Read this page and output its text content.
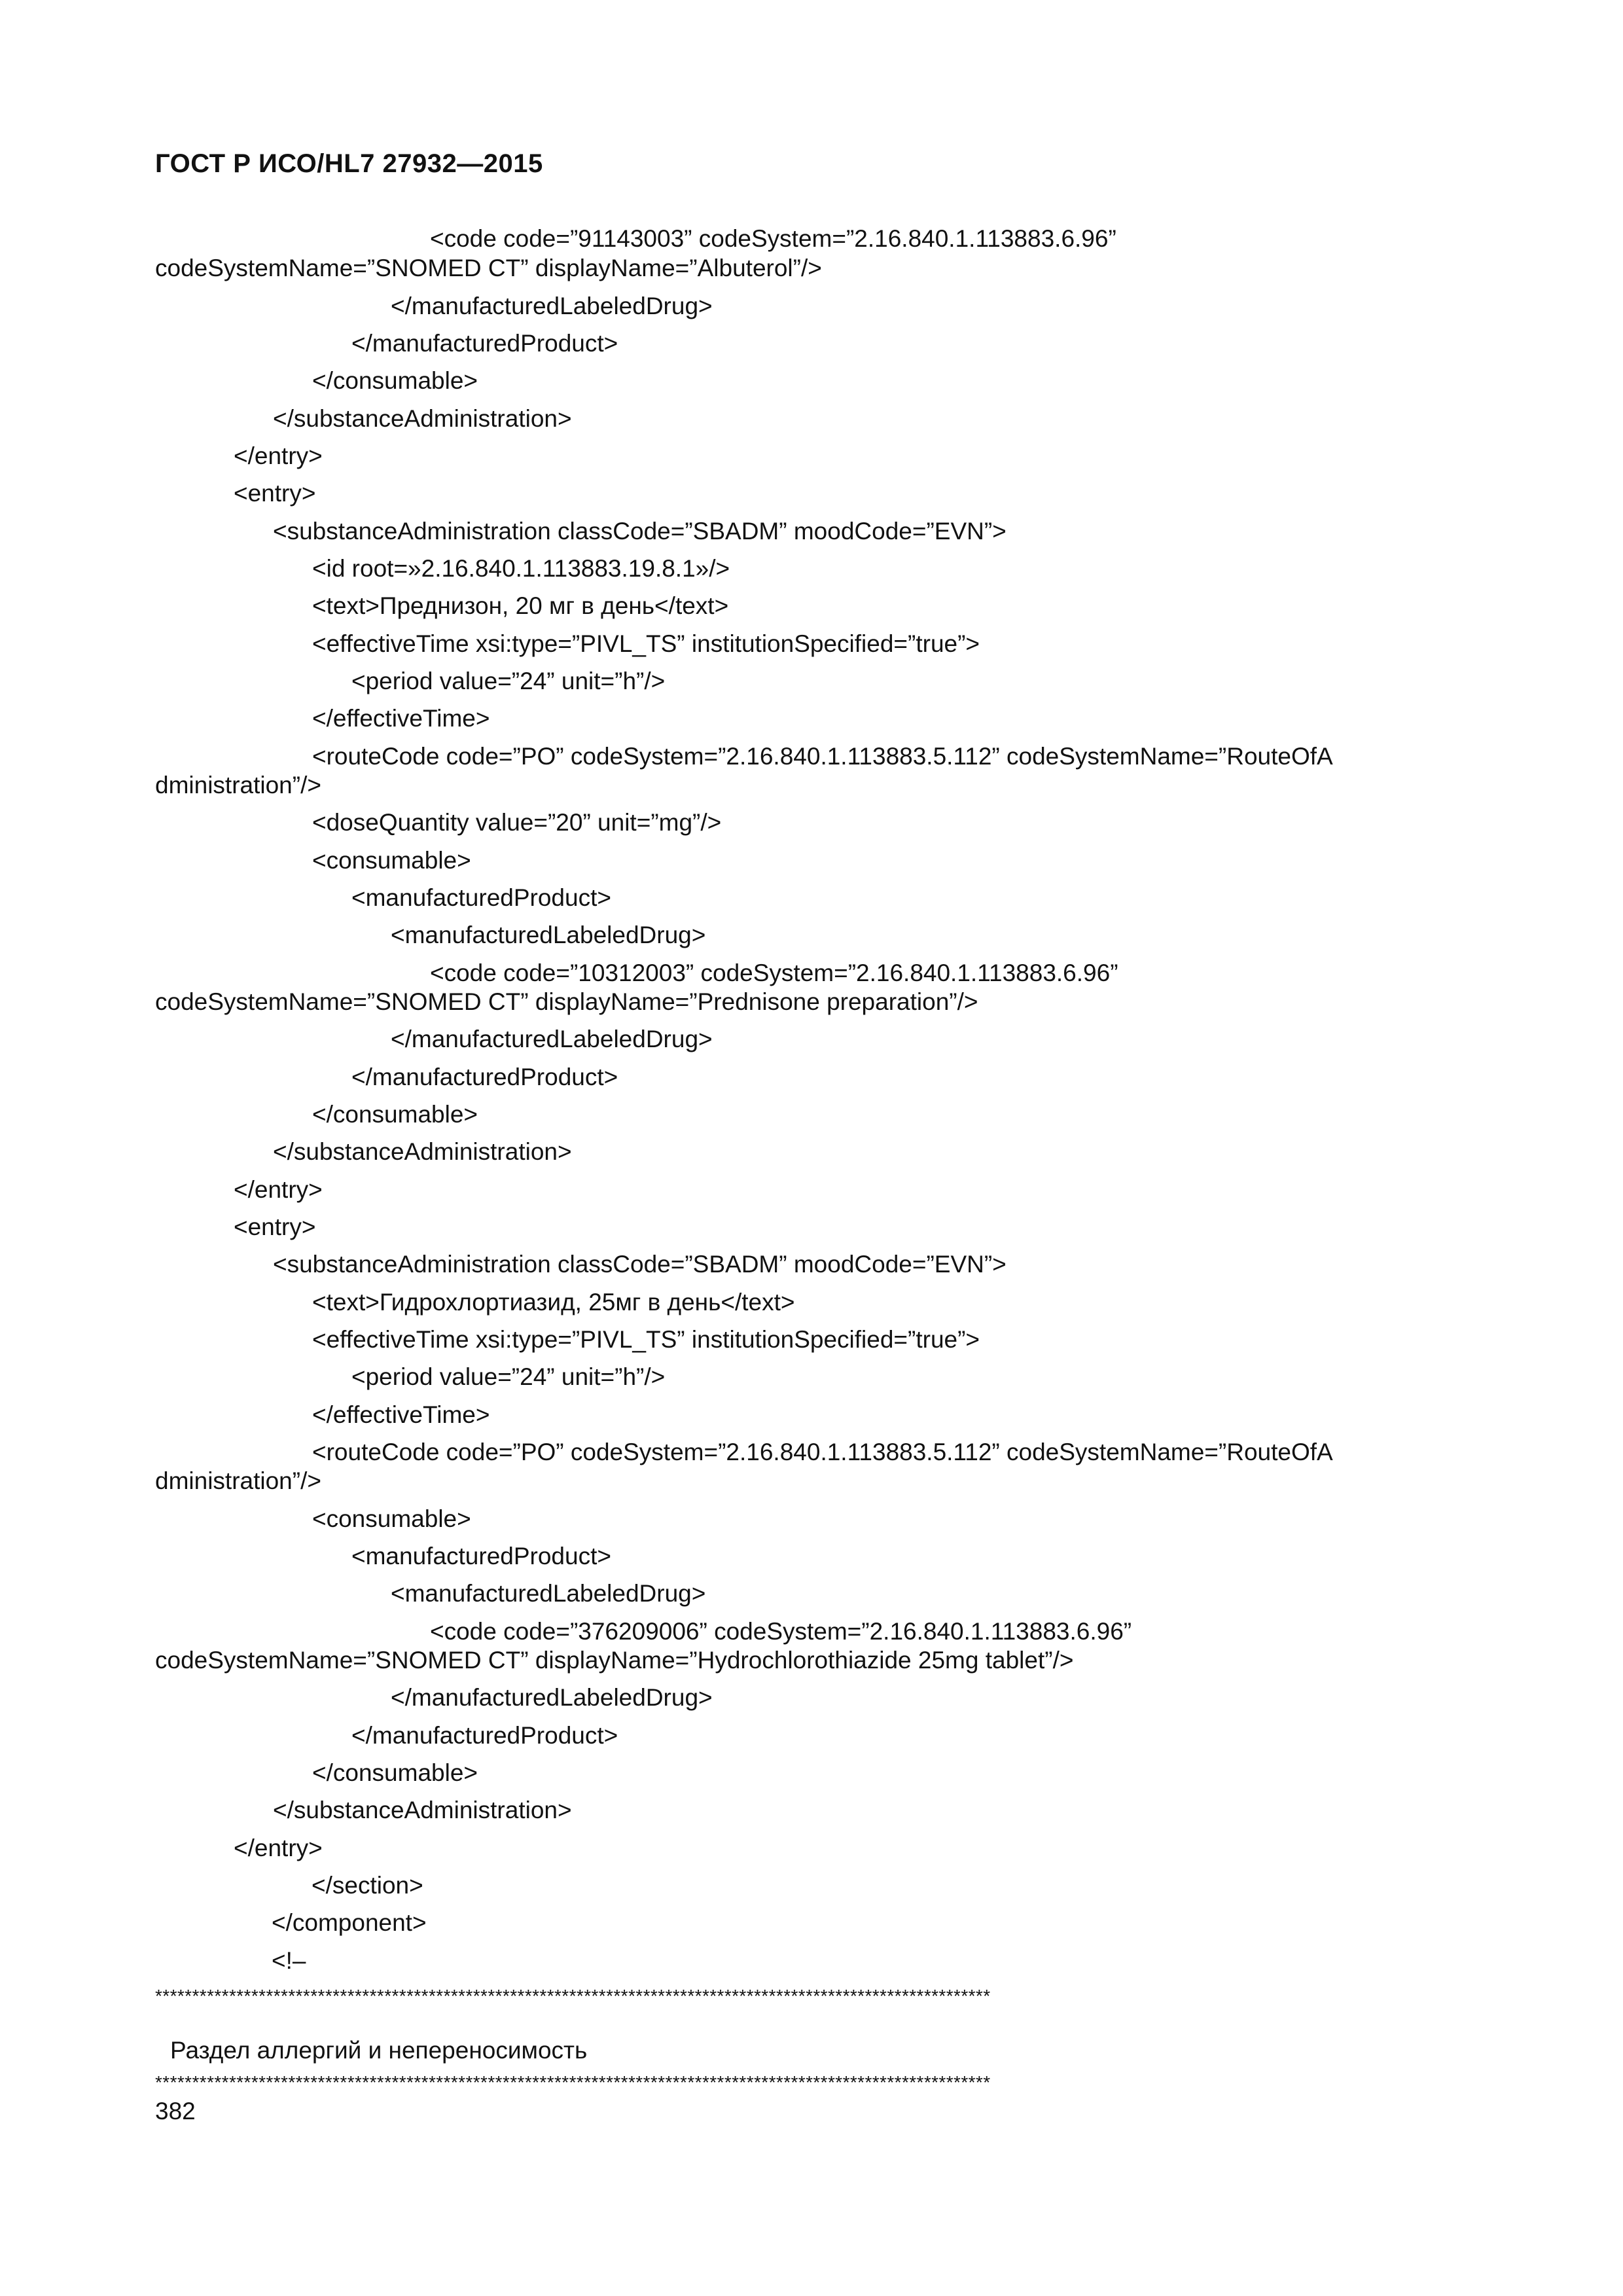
ГОСТ Р ИСО/HL7 27932—2015
<code code=”91143003” codeSystem=”2.16.840.1.113883.6.96”
codeSystemName=”SNOMED CT” displayName=”Albuterol”/>
</manufacturedLabeledDrug>
</manufacturedProduct>
</consumable>
</substanceAdministration>
</entry>
<entry>
<substanceAdministration classCode=”SBADM” moodCode=”EVN”>
<id root=»2.16.840.1.113883.19.8.1»/>
<text>Преднизон, 20 мг в день</text>
<effectiveTime xsi:type=”PIVL_TS” institutionSpecified=”true”>
<period value=”24” unit=”h”/>
</effectiveTime>
<routeCode code=”PO” codeSystem=”2.16.840.1.113883.5.112” codeSystemName=”RouteOfA
dministration”/>
<doseQuantity value=”20” unit=”mg”/>
<consumable>
<manufacturedProduct>
<manufacturedLabeledDrug>
<code code=”10312003” codeSystem=”2.16.840.1.113883.6.96”
codeSystemName=”SNOMED CT” displayName=”Prednisone preparation”/>
</manufacturedLabeledDrug>
</manufacturedProduct>
</consumable>
</substanceAdministration>
</entry>
<entry>
<substanceAdministration classCode=”SBADM” moodCode=”EVN”>
<text>Гидрохлортиазид, 25мг в день</text>
<effectiveTime xsi:type=”PIVL_TS” institutionSpecified=”true”>
<period value=”24” unit=”h”/>
</effectiveTime>
<routeCode code=”PO” codeSystem=”2.16.840.1.113883.5.112” codeSystemName=”RouteOfA
dministration”/>
<consumable>
<manufacturedProduct>
<manufacturedLabeledDrug>
<code code=”376209006” codeSystem=”2.16.840.1.113883.6.96”
codeSystemName=”SNOMED CT” displayName=”Hydrochlorothiazide 25mg tablet”/>
</manufacturedLabeledDrug>
</manufacturedProduct>
</consumable>
</substanceAdministration>
</entry>
</section>
</component>
<!–
*****************************************************************************************************************
Раздел аллергий и непереносимость
*****************************************************************************************************************
382
